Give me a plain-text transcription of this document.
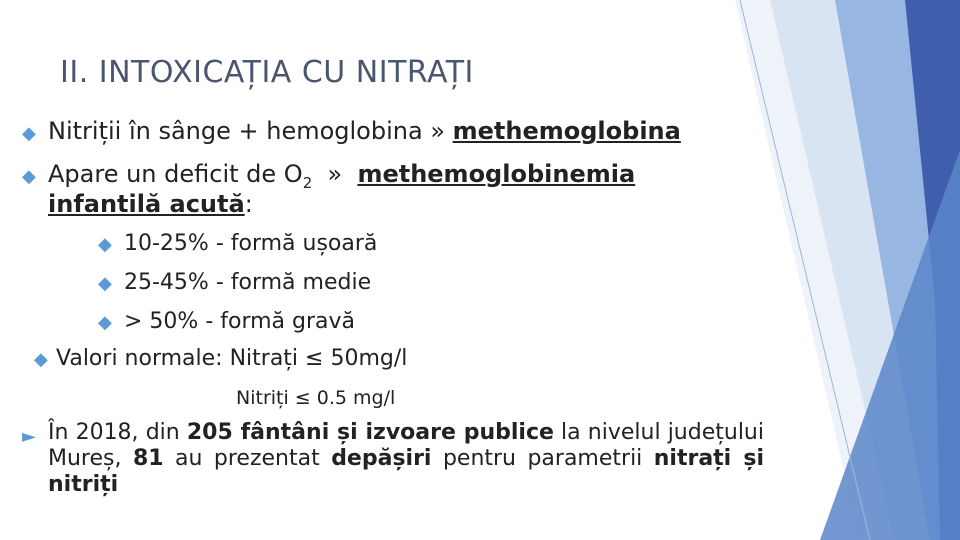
II. INTOXICAȚIA CU NITRAȚI
◆ Nitriții în sânge + hemoglobina » methemoglobina
◆ Apare un deficit de $O_2$  »  methemoglobinemia
infantilă acută:
◆ 10-25% - formă ușoară
◆ 25-45% - formă medie
◆ > 50% - formă gravă
◆ Valori normale: Nitrați ≤ 50mg/l
Nitriți ≤ 0.5 mg/l
► În 2018, din 205 fântâni și izvoare publice la nivelul județului Mureș, 81 au prezentat depășiri pentru parametrii nitrați și nitriți
